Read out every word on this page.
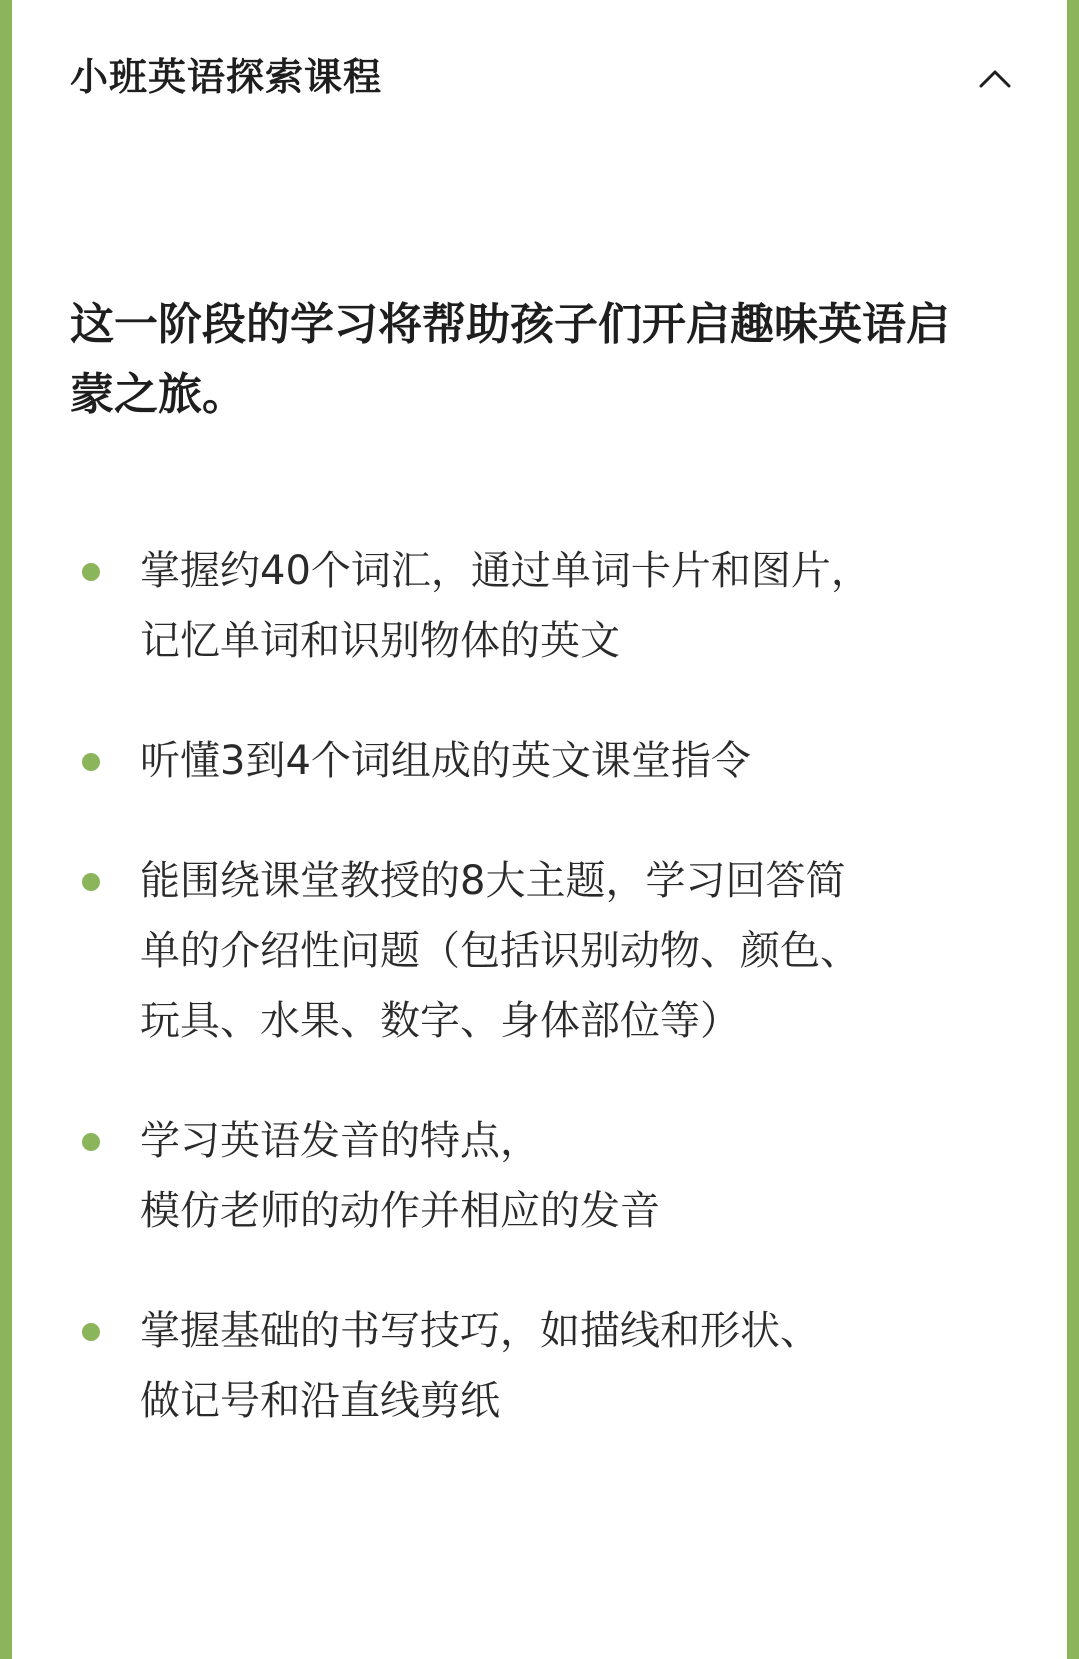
小班英语探索课程
这一阶段的学习将帮助孩子们开启趣味英语启
蒙之旅。
掌握约40个词汇，通过单词卡片和图片，
记忆单词和识别物体的英文
听懂3到4个词组成的英文课堂指令
能围绕课堂教授的8大主题，学习回答简
单的介绍性问题（包括识别动物、颜色、
玩具、水果、数字、身体部位等）
学习英语发音的特点，
模仿老师的动作并相应的发音
掌握基础的书写技巧，如描线和形状、
做记号和沿直线剪纸
